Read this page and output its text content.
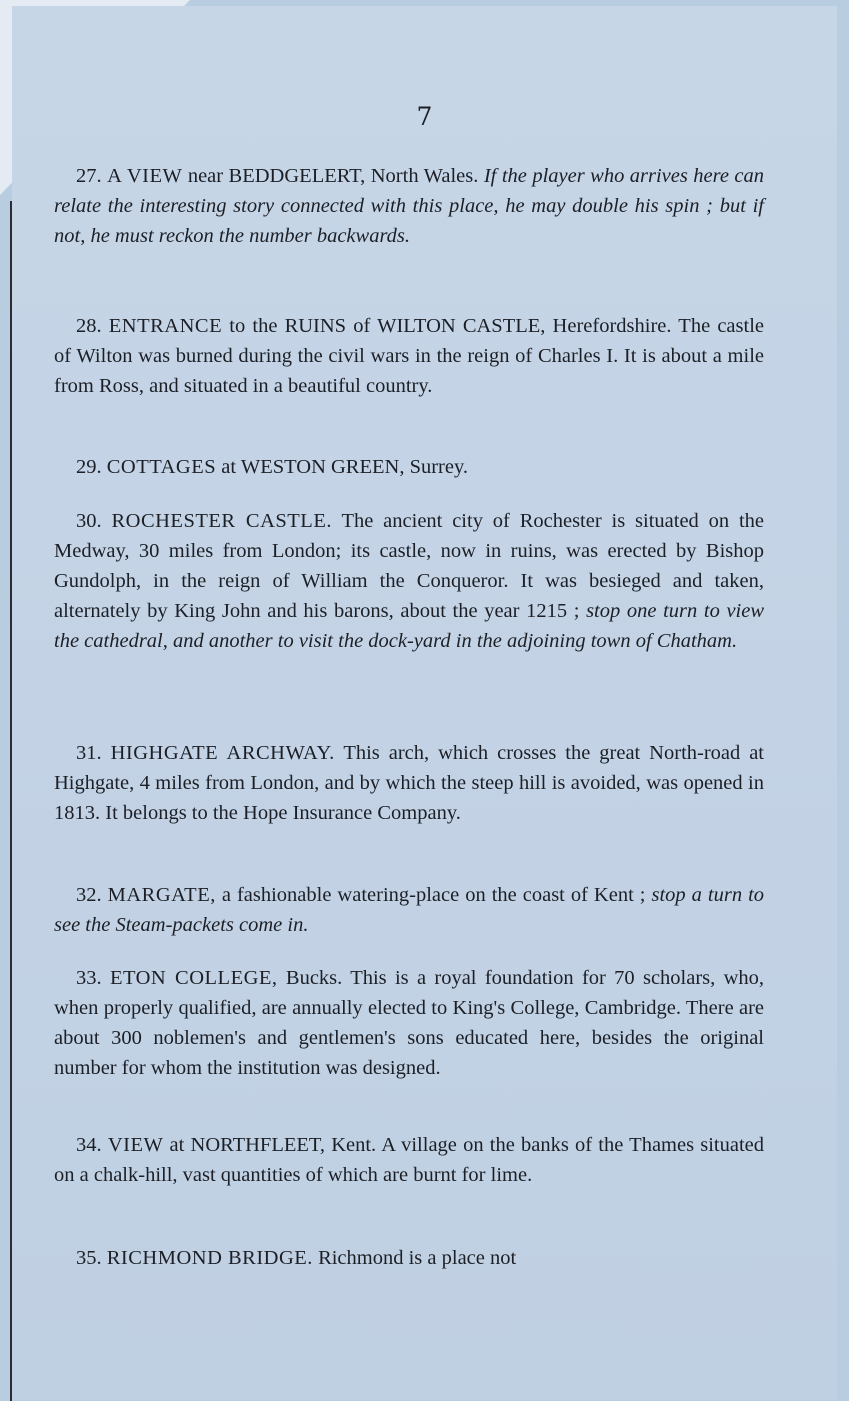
7

27. A VIEW near BEDDGELERT, North Wales. If the player who arrives here can relate the interesting story connected with this place, he may double his spin ; but if not, he must reckon the number backwards.

28. ENTRANCE to the RUINS of WILTON CASTLE, Herefordshire. The castle of Wilton was burned during the civil wars in the reign of Charles I. It is about a mile from Ross, and situated in a beautiful country.

29. COTTAGES at WESTON GREEN, Surrey.

30. ROCHESTER CASTLE. The ancient city of Rochester is situated on the Medway, 30 miles from London; its castle, now in ruins, was erected by Bishop Gundolph, in the reign of William the Conqueror. It was besieged and taken, alternately by King John and his barons, about the year 1215 ; stop one turn to view the cathedral, and another to visit the dock-yard in the adjoining town of Chatham.

31. HIGHGATE ARCHWAY. This arch, which crosses the great North-road at Highgate, 4 miles from London, and by which the steep hill is avoided, was opened in 1813. It belongs to the Hope Insurance Company.

32. MARGATE, a fashionable watering-place on the coast of Kent ; stop a turn to see the Steam-packets come in.

33. ETON COLLEGE, Bucks. This is a royal foundation for 70 scholars, who, when properly qualified, are annually elected to King's College, Cambridge. There are about 300 noblemen's and gentlemen's sons educated here, besides the original number for whom the institution was designed.

34. VIEW at NORTHFLEET, Kent. A village on the banks of the Thames situated on a chalk-hill, vast quantities of which are burnt for lime.

35. RICHMOND BRIDGE. Richmond is a place not
